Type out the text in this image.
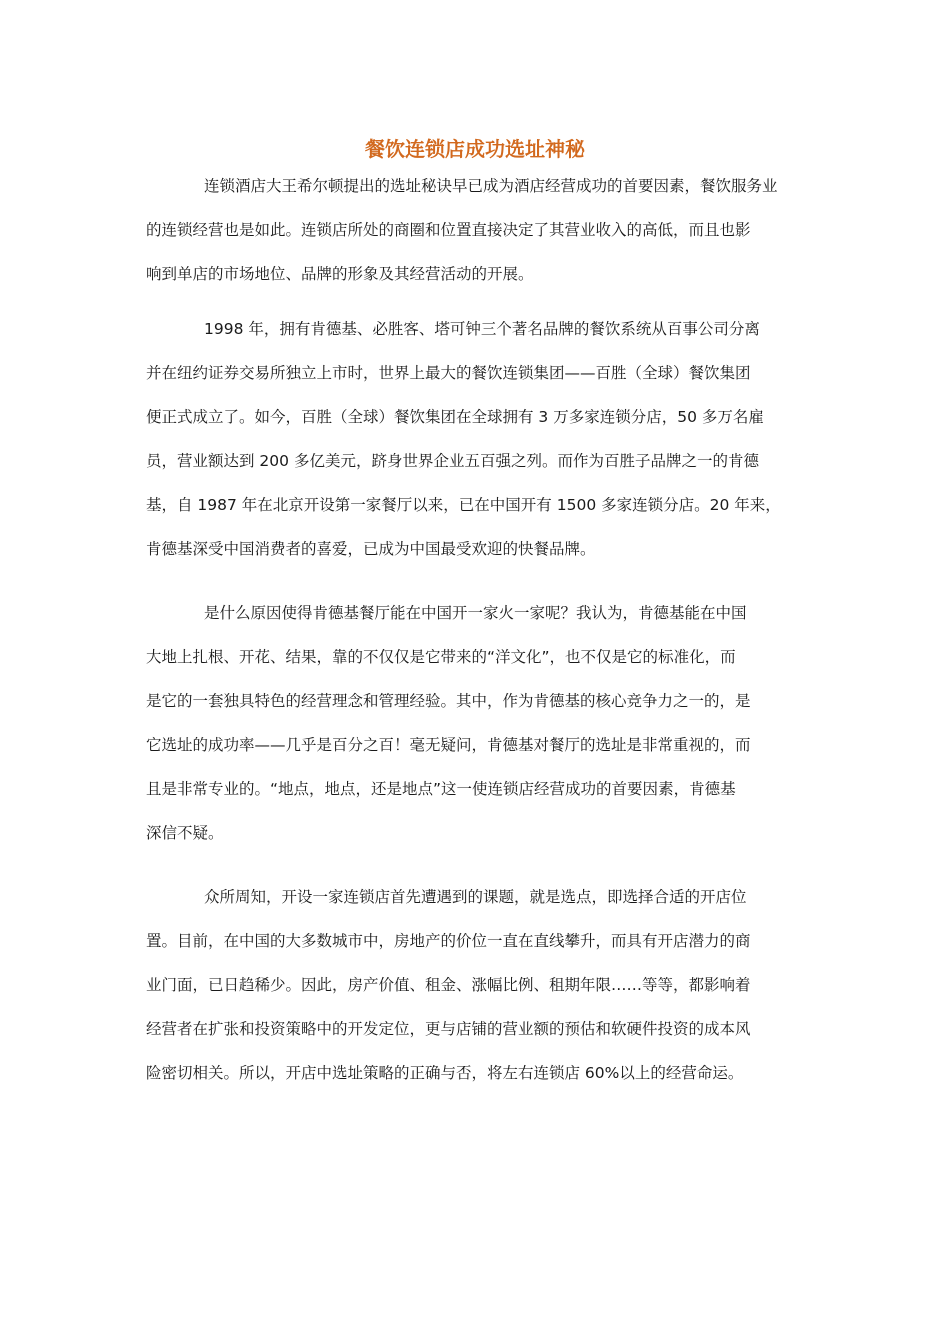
餐饮连锁店成功选址神秘
连锁酒店大王希尔顿提出的选址秘诀早已成为酒店经营成功的首要因素，餐饮服务业
的连锁经营也是如此。连锁店所处的商圈和位置直接决定了其营业收入的高低，而且也影
响到单店的市场地位、品牌的形象及其经营活动的开展。
1998 年，拥有肯德基、必胜客、塔可钟三个著名品牌的餐饮系统从百事公司分离
并在纽约证券交易所独立上市时，世界上最大的餐饮连锁集团——百胜（全球）餐饮集团
便正式成立了。如今，百胜（全球）餐饮集团在全球拥有 3 万多家连锁分店，50 多万名雇
员，营业额达到 200 多亿美元，跻身世界企业五百强之列。而作为百胜子品牌之一的肯德
基，自 1987 年在北京开设第一家餐厅以来，已在中国开有 1500 多家连锁分店。20 年来，
肯德基深受中国消费者的喜爱，已成为中国最受欢迎的快餐品牌。
是什么原因使得肯德基餐厅能在中国开一家火一家呢？我认为，肯德基能在中国
大地上扎根、开花、结果，靠的不仅仅是它带来的“洋文化”，也不仅是它的标准化，而
是它的一套独具特色的经营理念和管理经验。其中，作为肯德基的核心竞争力之一的，是
它选址的成功率——几乎是百分之百！毫无疑问，肯德基对餐厅的选址是非常重视的，而
且是非常专业的。“地点，地点，还是地点”这一使连锁店经营成功的首要因素，肯德基
深信不疑。
众所周知，开设一家连锁店首先遭遇到的课题，就是选点，即选择合适的开店位
置。目前，在中国的大多数城市中，房地产的价位一直在直线攀升，而具有开店潜力的商
业门面，已日趋稀少。因此，房产价值、租金、涨幅比例、租期年限……等等，都影响着
经营者在扩张和投资策略中的开发定位，更与店铺的营业额的预估和软硬件投资的成本风
险密切相关。所以，开店中选址策略的正确与否，将左右连锁店 60%以上的经营命运。
